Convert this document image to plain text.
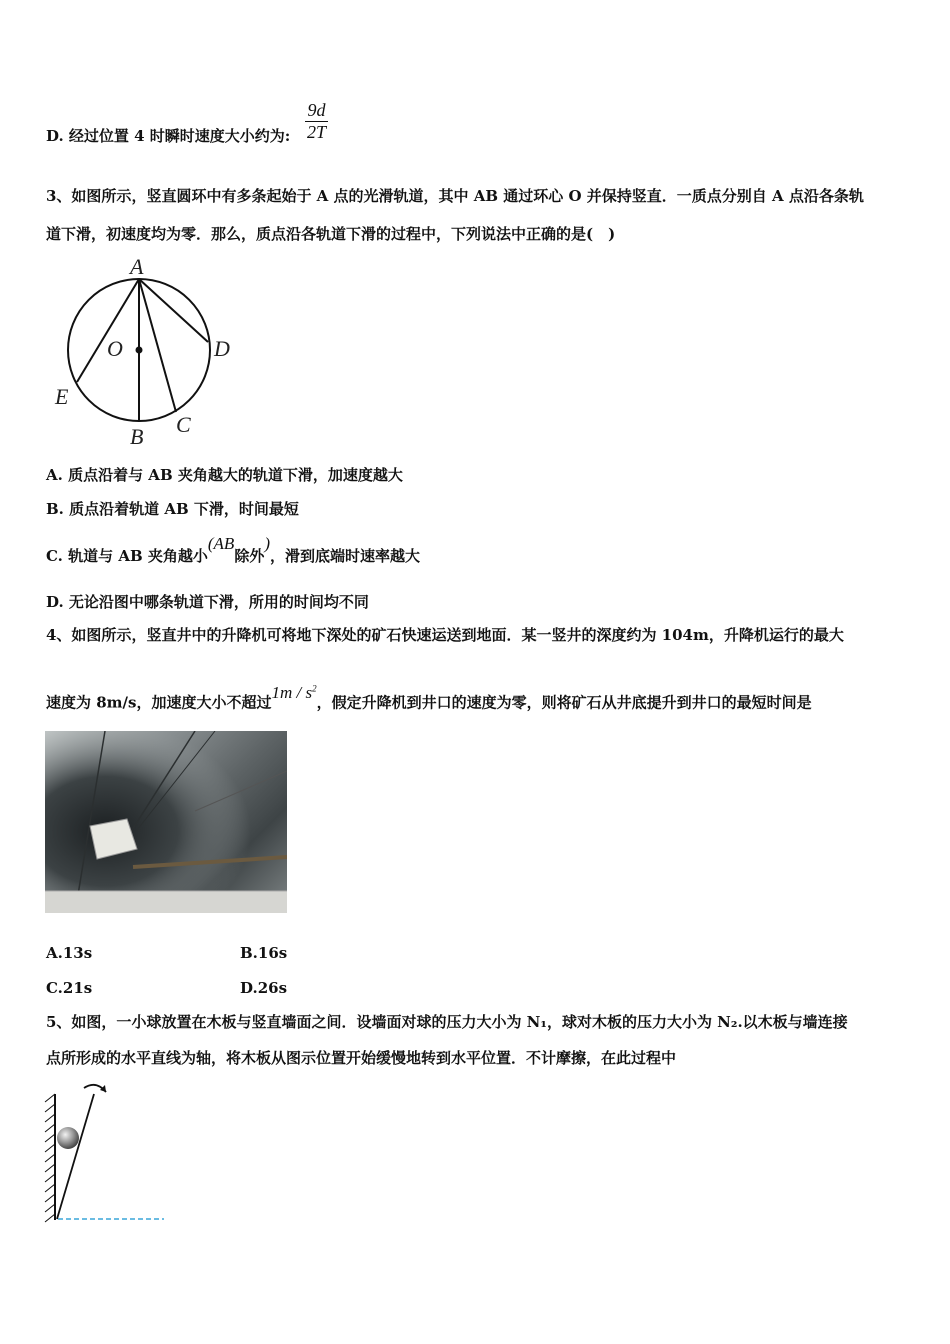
D. 经过位置 4 时瞬时速度大小约为:
9d
2T
3、如图所示，竖直圆环中有多条起始于 A 点的光滑轨道，其中 AB 通过环心 O 并保持竖直．一质点分别自 A 点沿各条轨
道下滑，初速度均为零．那么，质点沿各轨道下滑的过程中，下列说法中正确的是(　)
A
O	D
E
C
B
A. 质点沿着与 AB 夹角越大的轨道下滑，加速度越大
B. 质点沿着轨道 AB 下滑，时间最短
C. 轨道与 AB 夹角越小(AB除外)，滑到底端时速率越大
D. 无论沿图中哪条轨道下滑，所用的时间均不同
4、如图所示，竖直井中的升降机可将地下深处的矿石快速运送到地面．某一竖井的深度约为 104m，升降机运行的最大
速度为 8m/s，加速度大小不超过$1m / s^2$，假定升降机到井口的速度为零，则将矿石从井底提升到井口的最短时间是
A.13s	B.16s
C.21s	D.26s
5、如图，一小球放置在木板与竖直墙面之间．设墙面对球的压力大小为 N₁，球对木板的压力大小为 N₂.以木板与墙连接
点所形成的水平直线为轴，将木板从图示位置开始缓慢地转到水平位置．不计摩擦，在此过程中
